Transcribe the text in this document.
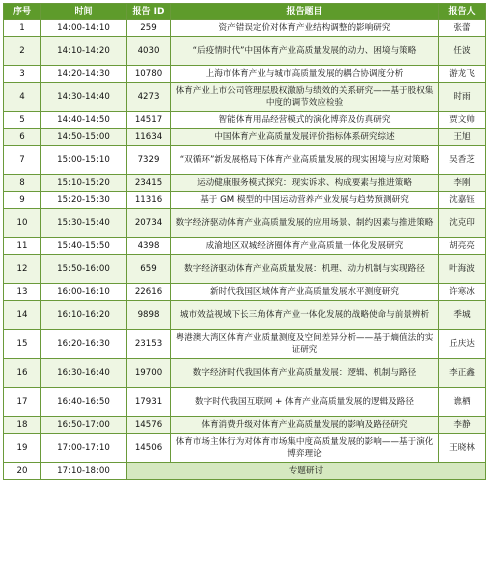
序号	时间	报告 ID	报告题目	报告人
1	14:00-14:10	259	资产错误定价对体育产业结构调整的影响研究	张蕾
2	14:10-14:20	4030	“后疫情时代”中国体育产业高质量发展的动力、困境与策略	任波
3	14:20-14:30	10780	上海市体育产业与城市高质量发展的耦合协调度分析	游龙飞
4	14:30-14:40	4273	体育产业上市公司管理层股权激励与绩效的关系研究——基于股权集中度的调节效应检验	时雨
5	14:40-14:50	14517	智能体育用品经营模式的演化博弈及仿真研究	贾文帅
6	14:50-15:00	11634	中国体育产业高质量发展评价指标体系研究综述	王旭
7	15:00-15:10	7329	“双循环”新发展格局下体育产业高质量发展的现实困境与应对策略	吴香芝
8	15:10-15:20	23415	运动健康服务模式探究：现实诉求、构成要素与推进策略	李刚
9	15:20-15:30	11316	基于 GM 模型的中国运动营养产业发展与趋势预测研究	沈嘉钰
10	15:30-15:40	20734	数字经济驱动体育产业高质量发展的应用场景、制约因素与推进策略	沈克印
11	15:40-15:50	4398	成渝地区双城经济圈体育产业高质量一体化发展研究	胡亮亮
12	15:50-16:00	659	数字经济驱动体育产业高质量发展：机理、动力机制与实现路径	叶海波
13	16:00-16:10	22616	新时代我国区域体育产业高质量发展水平测度研究	许寒冰
14	16:10-16:20	9898	城市效益视域下长三角体育产业一体化发展的战略使命与前景辨析	季城
15	16:20-16:30	23153	粤港澳大湾区体育产业质量测度及空间差异分析——基于熵值法的实证研究	丘庆达
16	16:30-16:40	19700	数字经济时代我国体育产业高质量发展：逻辑、机制与路径	李正鑫
17	16:40-16:50	17931	数字时代我国互联网 + 体育产业高质量发展的逻辑及路径	谯栖
18	16:50-17:00	14576	体育消费升级对体育产业高质量发展的影响及路径研究	李静
19	17:00-17:10	14506	体育市场主体行为对体育市场集中度高质量发展的影响——基于演化博弈理论	王晓林
20	17:10-18:00	专题研讨		
